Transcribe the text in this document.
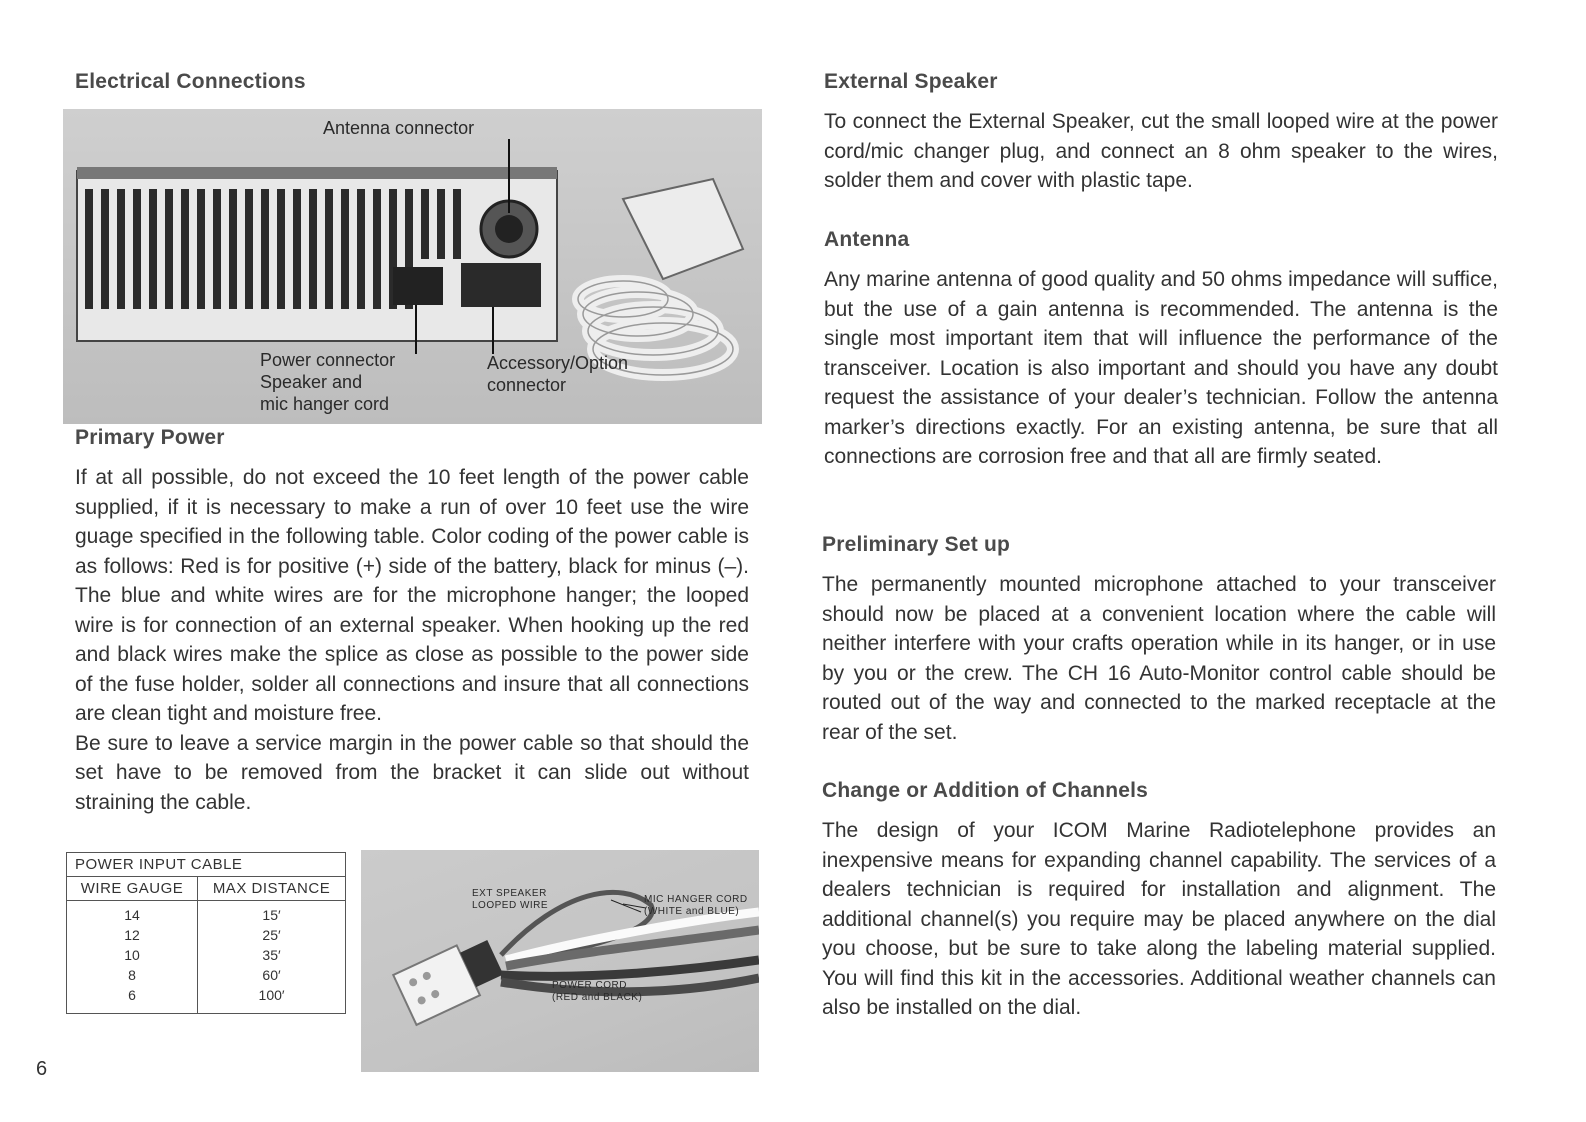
Electrical Connections
Antenna connector
Power connector
Speaker and
mic hanger cord
Accessory/Option
connector
Primary Power

If at all possible, do not exceed the 10 feet length of the power cable supplied, if it is necessary to make a run of over 10 feet use the wire guage specified in the following table. Color coding of the power cable is as follows: Red is for positive (+) side of the battery, black for minus (–). The blue and white wires are for the microphone hanger; the looped wire is for connection of an external speaker. When hooking up the red and black wires make the splice as close as possible to the power side of the fuse holder, solder all connections and insure that all connections are clean tight and moisture free.

Be sure to leave a service margin in the power cable so that should the set have to be removed from the bracket it can slide out without straining the cable.

POWER INPUT CABLE	
WIRE GAUGE	MAX DISTANCE
14	15′
12	25′
10	35′
8	60′
6	100′
EXT SPEAKER
LOOPED WIRE
MIC HANGER CORD
(WHITE and BLUE)
POWER CORD
(RED and BLACK)
6
External Speaker

To connect the External Speaker, cut the small looped wire at the power cord/mic changer plug, and connect an 8 ohm speaker to the wires, solder them and cover with plastic tape.

Antenna

Any marine antenna of good quality and 50 ohms impedance will suffice, but the use of a gain antenna is recommended. The antenna is the single most important item that will influence the performance of the transceiver. Location is also important and should you have any doubt request the assistance of your dealer’s technician. Follow the antenna marker’s directions exactly. For an existing antenna, be sure that all connections are corrosion free and that all are firmly seated.

Preliminary Set up

The permanently mounted microphone attached to your transceiver should now be placed at a convenient location where the cable will neither interfere with your crafts operation while in its hanger, or in use by you or the crew. The CH 16 Auto-Monitor control cable should be routed out of the way and connected to the marked receptacle at the rear of the set.

Change or Addition of Channels

The design of your ICOM Marine Radiotelephone provides an inexpensive means for expanding channel capability. The services of a dealers technician is required for installation and alignment. The additional channel(s) you require may be placed anywhere on the dial you choose, but be sure to take along the labeling material supplied. You will find this kit in the accessories. Additional weather channels can also be installed on the dial.
